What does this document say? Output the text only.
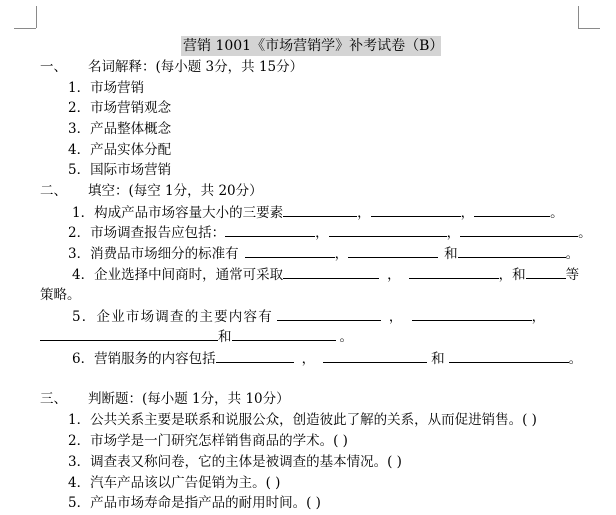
营销 1001《市场营销学》补考试卷（B）
一、 名词解释：(每小题 3分，共 15分）
1．市场营销
2．市场营销观念
3．产品整体概念
4．产品实体分配
5．国际市场营销
二、 填空：(每空 1分，共 20分）
1．构成产品市场容量大小的三要素	，	，	。
2．市场调查报告应包括：	，	，	。
3．消费品市场细分的标准有	，	和	。
4．企业选择中间商时，通常可采取	，	，和	等
策略。
5．企业市场调查的主要内容有	，	，
和	。
6．营销服务的内容包括	，	和	。
三、 判断题：(每小题 1分，共 10分）
1．公共关系主要是联系和说服公众，创造彼此了解的关系，从而促进销售。( )
2．市场学是一门研究怎样销售商品的学术。( )
3．调查表又称问卷，它的主体是被调查的基本情况。( )
4．汽车产品该以广告促销为主。( )
5．产品市场寿命是指产品的耐用时间。( )
